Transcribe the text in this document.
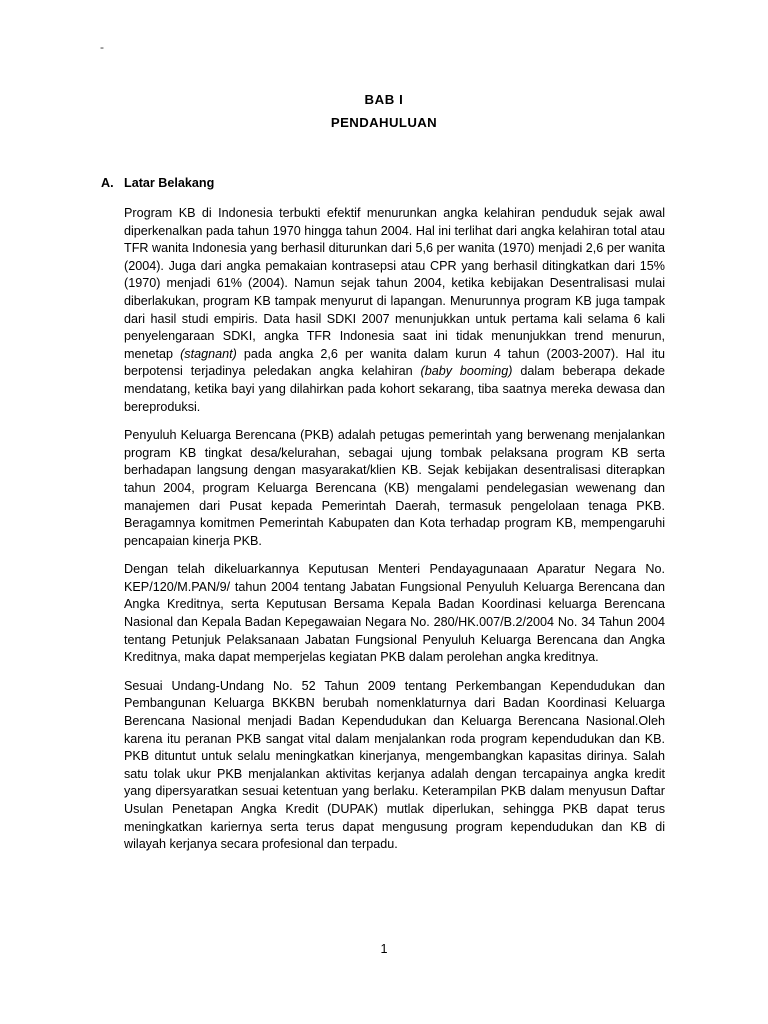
-
BAB I
PENDAHULUAN
A. Latar Belakang

Program KB di Indonesia terbukti efektif menurunkan angka kelahiran penduduk sejak awal diperkenalkan pada tahun 1970 hingga tahun 2004. Hal ini terlihat dari angka kelahiran total atau TFR wanita Indonesia yang berhasil diturunkan dari 5,6 per wanita (1970) menjadi 2,6 per wanita (2004). Juga dari angka pemakaian kontrasepsi atau CPR yang berhasil ditingkatkan dari 15% (1970) menjadi 61% (2004). Namun sejak tahun 2004, ketika kebijakan Desentralisasi mulai diberlakukan, program KB tampak menyurut di lapangan. Menurunnya program KB juga tampak dari hasil studi empiris. Data hasil SDKI 2007 menunjukkan untuk pertama kali selama 6 kali penyelengaraan SDKI, angka TFR Indonesia saat ini tidak menunjukkan trend menurun, menetap (stagnant) pada angka 2,6 per wanita dalam kurun 4 tahun (2003-2007). Hal itu berpotensi terjadinya peledakan angka kelahiran (baby booming) dalam beberapa dekade mendatang, ketika bayi yang dilahirkan pada kohort sekarang, tiba saatnya mereka dewasa dan bereproduksi.

Penyuluh Keluarga Berencana (PKB) adalah petugas pemerintah yang berwenang menjalankan program KB tingkat desa/kelurahan, sebagai ujung tombak pelaksana program KB serta berhadapan langsung dengan masyarakat/klien KB. Sejak kebijakan desentralisasi diterapkan tahun 2004, program Keluarga Berencana (KB) mengalami pendelegasian wewenang dan manajemen dari Pusat kepada Pemerintah Daerah, termasuk pengelolaan tenaga PKB. Beragamnya komitmen Pemerintah Kabupaten dan Kota terhadap program KB, mempengaruhi pencapaian kinerja PKB.

Dengan telah dikeluarkannya Keputusan Menteri Pendayagunaaan Aparatur Negara No. KEP/120/M.PAN/9/ tahun 2004 tentang Jabatan Fungsional Penyuluh Keluarga Berencana dan Angka Kreditnya, serta Keputusan Bersama Kepala Badan Koordinasi keluarga Berencana Nasional dan Kepala Badan Kepegawaian Negara No. 280/HK.007/B.2/2004 No. 34 Tahun 2004 tentang Petunjuk Pelaksanaan Jabatan Fungsional Penyuluh Keluarga Berencana dan Angka Kreditnya, maka dapat memperjelas kegiatan PKB dalam perolehan angka kreditnya.

Sesuai Undang-Undang No. 52 Tahun 2009 tentang Perkembangan Kependudukan dan Pembangunan Keluarga BKKBN berubah nomenklaturnya dari Badan Koordinasi Keluarga Berencana Nasional menjadi Badan Kependudukan dan Keluarga Berencana Nasional.Oleh karena itu peranan PKB sangat vital dalam menjalankan roda program kependudukan dan KB. PKB dituntut untuk selalu meningkatkan kinerjanya, mengembangkan kapasitas dirinya. Salah satu tolak ukur PKB menjalankan aktivitas kerjanya adalah dengan tercapainya angka kredit yang dipersyaratkan sesuai ketentuan yang berlaku. Keterampilan PKB dalam menyusun Daftar Usulan Penetapan Angka Kredit (DUPAK) mutlak diperlukan, sehingga PKB dapat terus meningkatkan kariernya serta terus dapat mengusung program kependudukan dan KB di wilayah kerjanya secara profesional dan terpadu.

1
